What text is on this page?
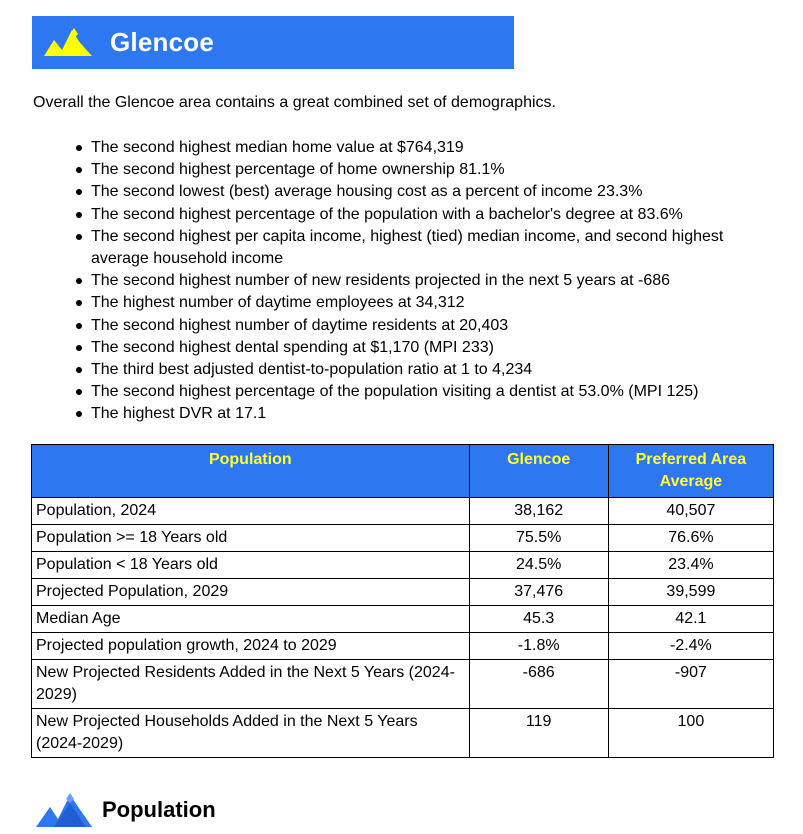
Glencoe
Overall the Glencoe area contains a great combined set of demographics.
The second highest median home value at $764,319
The second highest percentage of home ownership 81.1%
The second lowest (best) average housing cost as a percent of income 23.3%
The second highest percentage of the population with a bachelor's degree at 83.6%
The second highest per capita income, highest (tied) median income, and second highest average household income
The second highest number of new residents projected in the next 5 years at -686
The highest number of daytime employees at 34,312
The second highest number of daytime residents at 20,403
The second highest dental spending at $1,170 (MPI 233)
The third best adjusted dentist-to-population ratio at 1 to 4,234
The second highest percentage of the population visiting a dentist at 53.0% (MPI 125)
The highest DVR at 17.1
Population	Glencoe	Preferred Area Average
Population, 2024	38,162	40,507
Population >= 18 Years old	75.5%	76.6%
Population < 18 Years old	24.5%	23.4%
Projected Population, 2029	37,476	39,599
Median Age	45.3	42.1
Projected population growth, 2024 to 2029	-1.8%	-2.4%
New Projected Residents Added in the Next 5 Years (2024-2029)	-686	-907
New Projected Households Added in the Next 5 Years (2024-2029)	119	100
Population
